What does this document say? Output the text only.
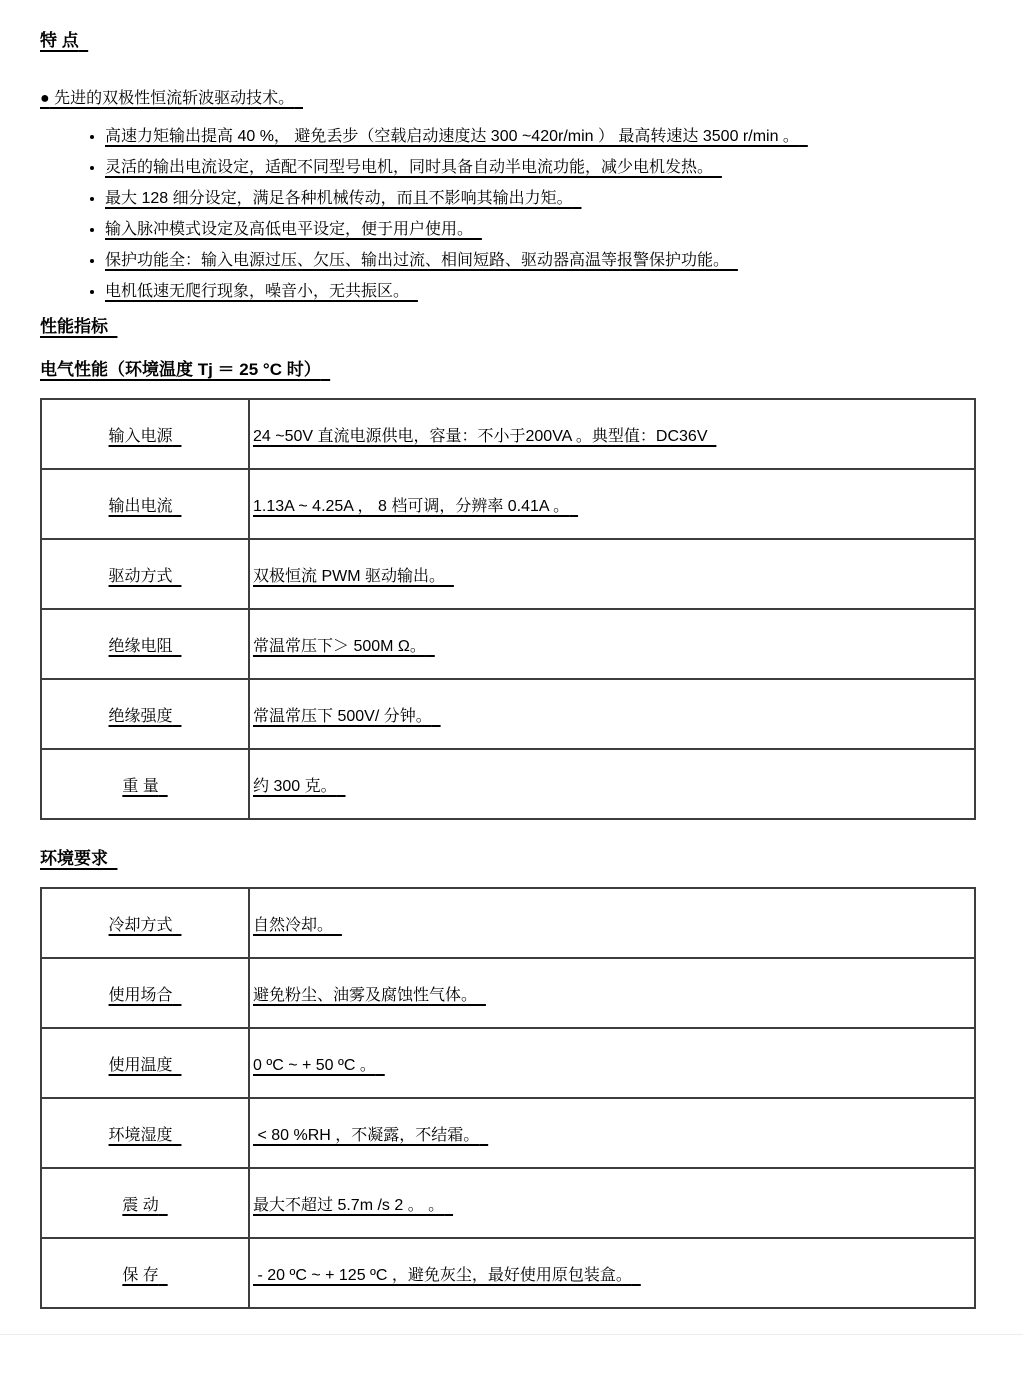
特 点
● 先进的双极性恒流斩波驱动技术。
• 高速力矩输出提高 40 %， 避免丢步（空载启动速度达 300 ~420r/min ） 最高转速达 3500 r/min 。
• 灵活的输出电流设定，适配不同型号电机，同时具备自动半电流功能，减少电机发热。
• 最大 128 细分设定，满足各种机械传动，而且不影响其输出力矩。
• 输入脉冲模式设定及高低电平设定，便于用户使用。
• 保护功能全：输入电源过压、欠压、输出过流、相间短路、驱动器高温等报警保护功能。
• 电机低速无爬行现象，噪音小，无共振区。
性能指标
电气性能（环境温度 Tj ＝ 25 °C 时）
输入电源	24 ~50V 直流电源供电，容量：不小于200VA 。典型值：DC36V
输出电流	1.13A ~ 4.25A ， 8 档可调，分辨率 0.41A 。
驱动方式	双极恒流 PWM 驱动输出。
绝缘电阻	常温常压下＞ 500M Ω。
绝缘强度	常温常压下 500V/ 分钟。
重 量	约 300 克。
环境要求
冷却方式	自然冷却。
使用场合	避免粉尘、油雾及腐蚀性气体。
使用温度	0 ºC ~ + 50 ºC 。
环境湿度	< 80 %RH ，不凝露，不结霜。
震 动	最大不超过 5.7m /s 2 。 。
保 存	- 20 ºC ~ + 125 ºC ，避免灰尘，最好使用原包装盒。
